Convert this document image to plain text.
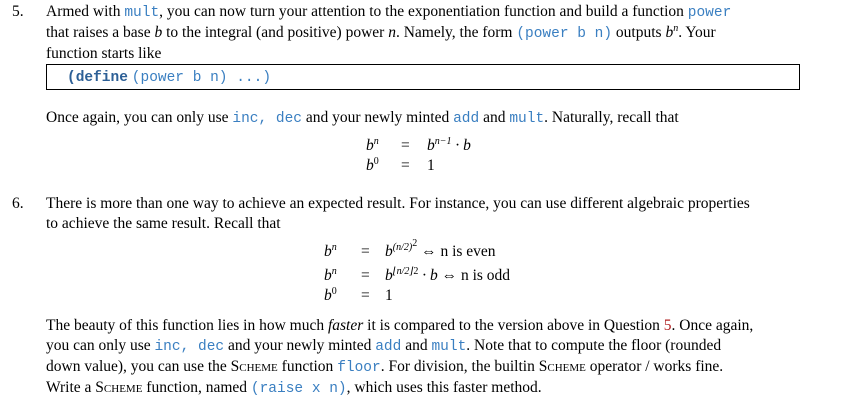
5. Armed with mult, you can now turn your attention to the exponentiation function and build a function power
that raises a base b to the integral (and positive) power n. Namely, the form (power b n) outputs $b^n$. Your
function starts like
(define (power b n) ...)
Once again, you can only use inc, dec and your newly minted add and mult. Naturally, recall that
$b^n = b^{n-1} \cdot b$
$b^0 = 1$
6. There is more than one way to achieve an expected result. For instance, you can use different algebraic properties
to achieve the same result. Recall that
$b^n = b^{(n/2)2}$ ⇔ n is even
$b^n = b^{⌊n/2⌋2} \cdot b$ ⇔ n is odd
$b^0 = 1$
The beauty of this function lies in how much faster it is compared to the version above in Question 5. Once again,
you can only use inc, dec and your newly minted add and mult. Note that to compute the floor (rounded
down value), you can use the Scheme function floor. For division, the builtin Scheme operator / works fine.
Write a Scheme function, named (raise x n), which uses this faster method.
